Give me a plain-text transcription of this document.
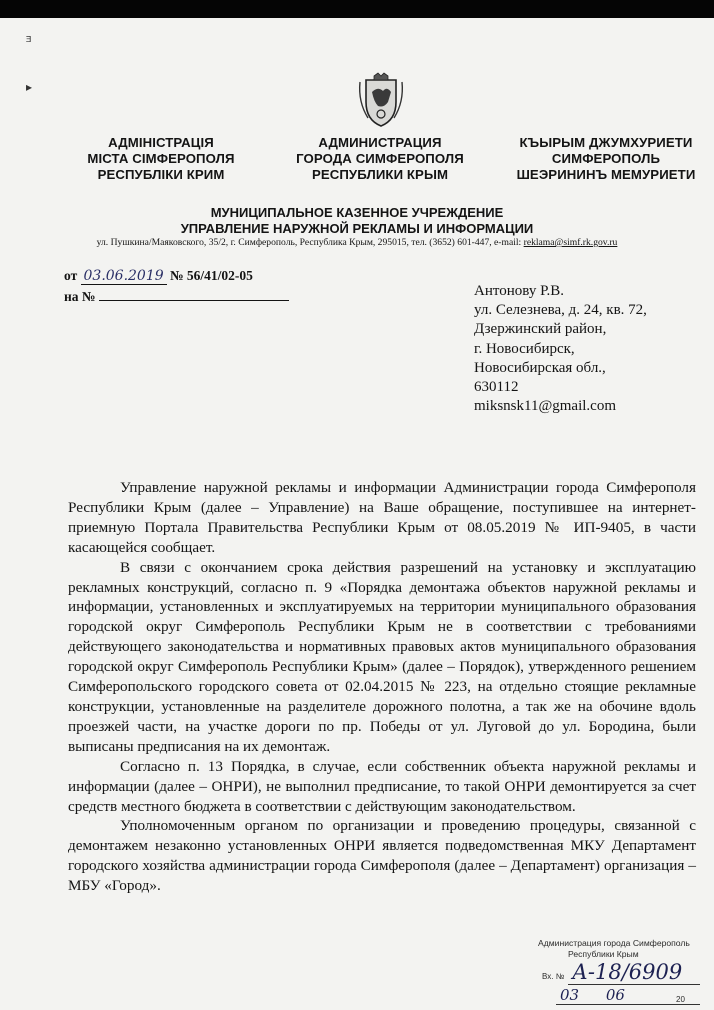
ᴲ
▸
АДМІНІСТРАЦІЯ
МІСТА СІМФЕРОПОЛЯ
РЕСПУБЛІКИ КРИМ
АДМИНИСТРАЦИЯ
ГОРОДА СИМФЕРОПОЛЯ
РЕСПУБЛИКИ КРЫМ
КЪЫРЫМ ДЖУМХУРИЕТИ
СИМФЕРОПОЛЬ
ШЕЭРИНИНЪ МЕМУРИЕТИ
МУНИЦИПАЛЬНОЕ КАЗЕННОЕ УЧРЕЖДЕНИЕ
УПРАВЛЕНИЕ НАРУЖНОЙ РЕКЛАМЫ И ИНФОРМАЦИИ
ул. Пушкина/Маяковского, 35/2, г. Симферополь, Республика Крым, 295015, тел. (3652) 601-447, e-mail: reklama@simf.rk.gov.ru
от 03.06.2019 № 56/41/02-05
на №	Антонову Р.В.
ул. Селезнева, д. 24, кв. 72,
Дзержинский район,
г. Новосибирск,
Новосибирская обл.,
630112
miksnsk11@gmail.com

Управление наружной рекламы и информации Администрации города Симферополя Республики Крым (далее – Управление) на Ваше обращение, поступившее на интернет-приемную Портала Правительства Республики Крым от 08.05.2019 № ИП-9405, в части касающейся сообщает.

В связи с окончанием срока действия разрешений на установку и эксплуатацию рекламных конструкций, согласно п. 9 «Порядка демонтажа объектов наружной рекламы и информации, установленных и эксплуатируемых на территории муниципального образования городской округ Симферополь Республики Крым не в соответствии с требованиями действующего законодательства и нормативных правовых актов муниципального образования городской округ Симферополь Республики Крым» (далее – Порядок), утвержденного решением Симферопольского городского совета от 02.04.2015 № 223, на отдельно стоящие рекламные конструкции, установленные на разделителе дорожного полотна, а так же на обочине вдоль проезжей части, на участке дороги по пр. Победы от ул. Луговой до ул. Бородина, были выписаны предписания на их демонтаж.

Согласно п. 13 Порядка, в случае, если собственник объекта наружной рекламы и информации (далее – ОНРИ), не выполнил предписание, то такой ОНРИ демонтируется за счет средств местного бюджета в соответствии с действующим законодательством.

Уполномоченным органом по организации и проведению процедуры, связанной с демонтажем незаконно установленных ОНРИ является подведомственная МКУ Департамент городского хозяйства администрации города Симферополя (далее – Департамент) организация – МБУ «Город».

Администрация города Симферополь
Республики Крым
Вх. № А-18/6909
03 06	20
